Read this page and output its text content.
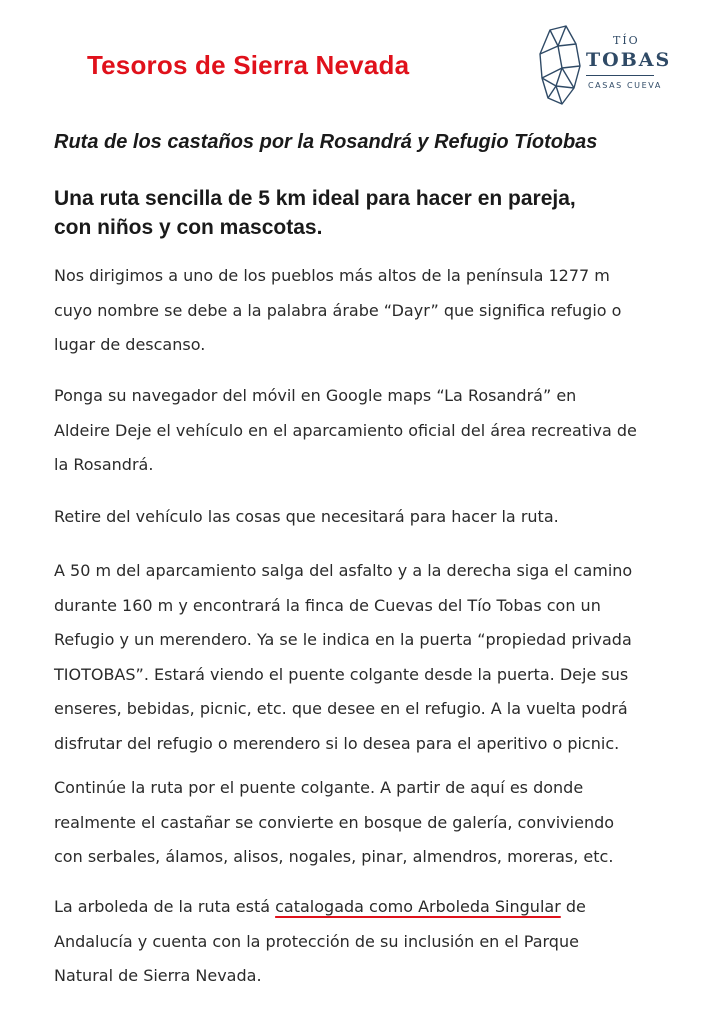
Tesoros de Sierra Nevada
TÍO
TOBAS
CASAS CUEVA
Ruta de los castaños por la Rosandrá y Refugio Tíotobas
Una ruta sencilla de 5 km ideal para hacer en pareja,
con niños y con mascotas.
Nos dirigimos a uno de los pueblos más altos de la península 1277 m
cuyo nombre se debe a la palabra árabe “Dayr” que significa refugio o
lugar de descanso.
Ponga su navegador del móvil en Google maps “La Rosandrá” en
Aldeire Deje el vehículo en el aparcamiento oficial del área recreativa de
la Rosandrá.
Retire del vehículo las cosas que necesitará para hacer la ruta.
A 50 m del aparcamiento salga del asfalto y a la derecha siga el camino
durante 160 m y encontrará la finca de Cuevas del Tío Tobas con un
Refugio y un merendero. Ya se le indica en la puerta “propiedad privada
TIOTOBAS”. Estará viendo el puente colgante desde la puerta. Deje sus
enseres, bebidas, picnic, etc. que desee en el refugio. A la vuelta podrá
disfrutar del refugio o merendero si lo desea para el aperitivo o picnic.
Continúe la ruta por el puente colgante. A partir de aquí es donde
realmente el castañar se convierte en bosque de galería, conviviendo
con serbales, álamos, alisos, nogales, pinar, almendros, moreras, etc.
La arboleda de la ruta está catalogada como Arboleda Singular de
Andalucía y cuenta con la protección de su inclusión en el Parque
Natural de Sierra Nevada.
